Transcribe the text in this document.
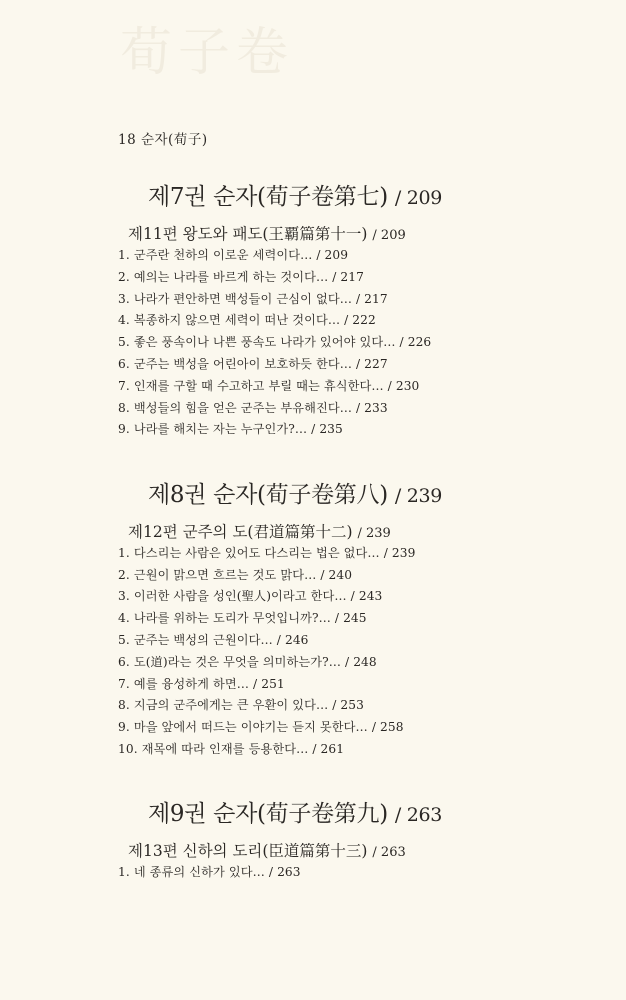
荀子卷
18 순자(荀子)
제7권 순자(荀子卷第七) / 209
제11편 왕도와 패도(王覇篇第十一) / 209
1. 군주란 천하의 이로운 세력이다… / 209
2. 예의는 나라를 바르게 하는 것이다… / 217
3. 나라가 편안하면 백성들이 근심이 없다… / 217
4. 복종하지 않으면 세력이 떠난 것이다… / 222
5. 좋은 풍속이나 나쁜 풍속도 나라가 있어야 있다… / 226
6. 군주는 백성을 어린아이 보호하듯 한다… / 227
7. 인재를 구할 때 수고하고 부릴 때는 휴식한다… / 230
8. 백성들의 힘을 얻은 군주는 부유해진다… / 233
9. 나라를 해치는 자는 누구인가?… / 235
제8권 순자(荀子卷第八) / 239
제12편 군주의 도(君道篇第十二) / 239
1. 다스리는 사람은 있어도 다스리는 법은 없다… / 239
2. 근원이 맑으면 흐르는 것도 맑다… / 240
3. 이러한 사람을 성인(聖人)이라고 한다… / 243
4. 나라를 위하는 도리가 무엇입니까?… / 245
5. 군주는 백성의 근원이다… / 246
6. 도(道)라는 것은 무엇을 의미하는가?… / 248
7. 예를 융성하게 하면… / 251
8. 지금의 군주에게는 큰 우환이 있다… / 253
9. 마을 앞에서 떠드는 이야기는 듣지 못한다… / 258
10. 재목에 따라 인재를 등용한다… / 261
제9권 순자(荀子卷第九) / 263
제13편 신하의 도리(臣道篇第十三) / 263
1. 네 종류의 신하가 있다… / 263
